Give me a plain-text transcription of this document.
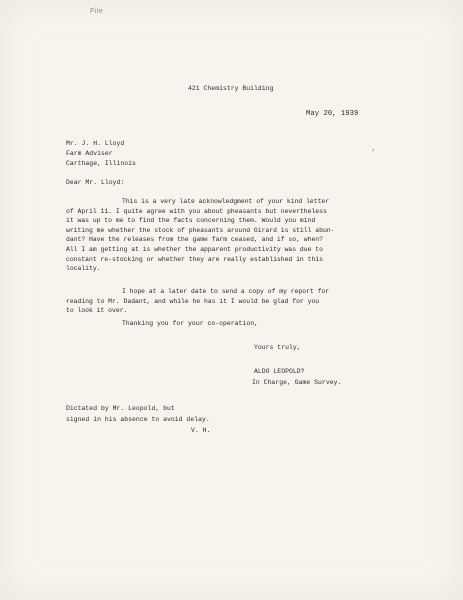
File
421 Chemistry Building
May 20, 1939
Mr. J. H. Lloyd
Farm Adviser
Carthage, Illinois
›
Dear Mr. Lloyd:
This is a very late acknowledgment of your kind letter
of April 11. I quite agree with you about pheasants but nevertheless
it was up to me to find the facts concerning them. Would you mind
writing me whether the stock of pheasants around Girard is still abun-
dant? Have the releases from the game farm ceased, and if so, when?
All I am getting at is whether the apparent productivity was due to
constant re-stocking or whether they are really established in this
locality.
I hope at a later date to send a copy of my report for
reading to Mr. Dadant, and while he has it I would be glad for you
to look it over.
Thanking you for your co-operation,
Yours truly,
ALDO LEOPOLD?
In Charge, Game Survey.
Dictated by Mr. Leopold, but
signed in his absence to avoid delay.
V. H.
